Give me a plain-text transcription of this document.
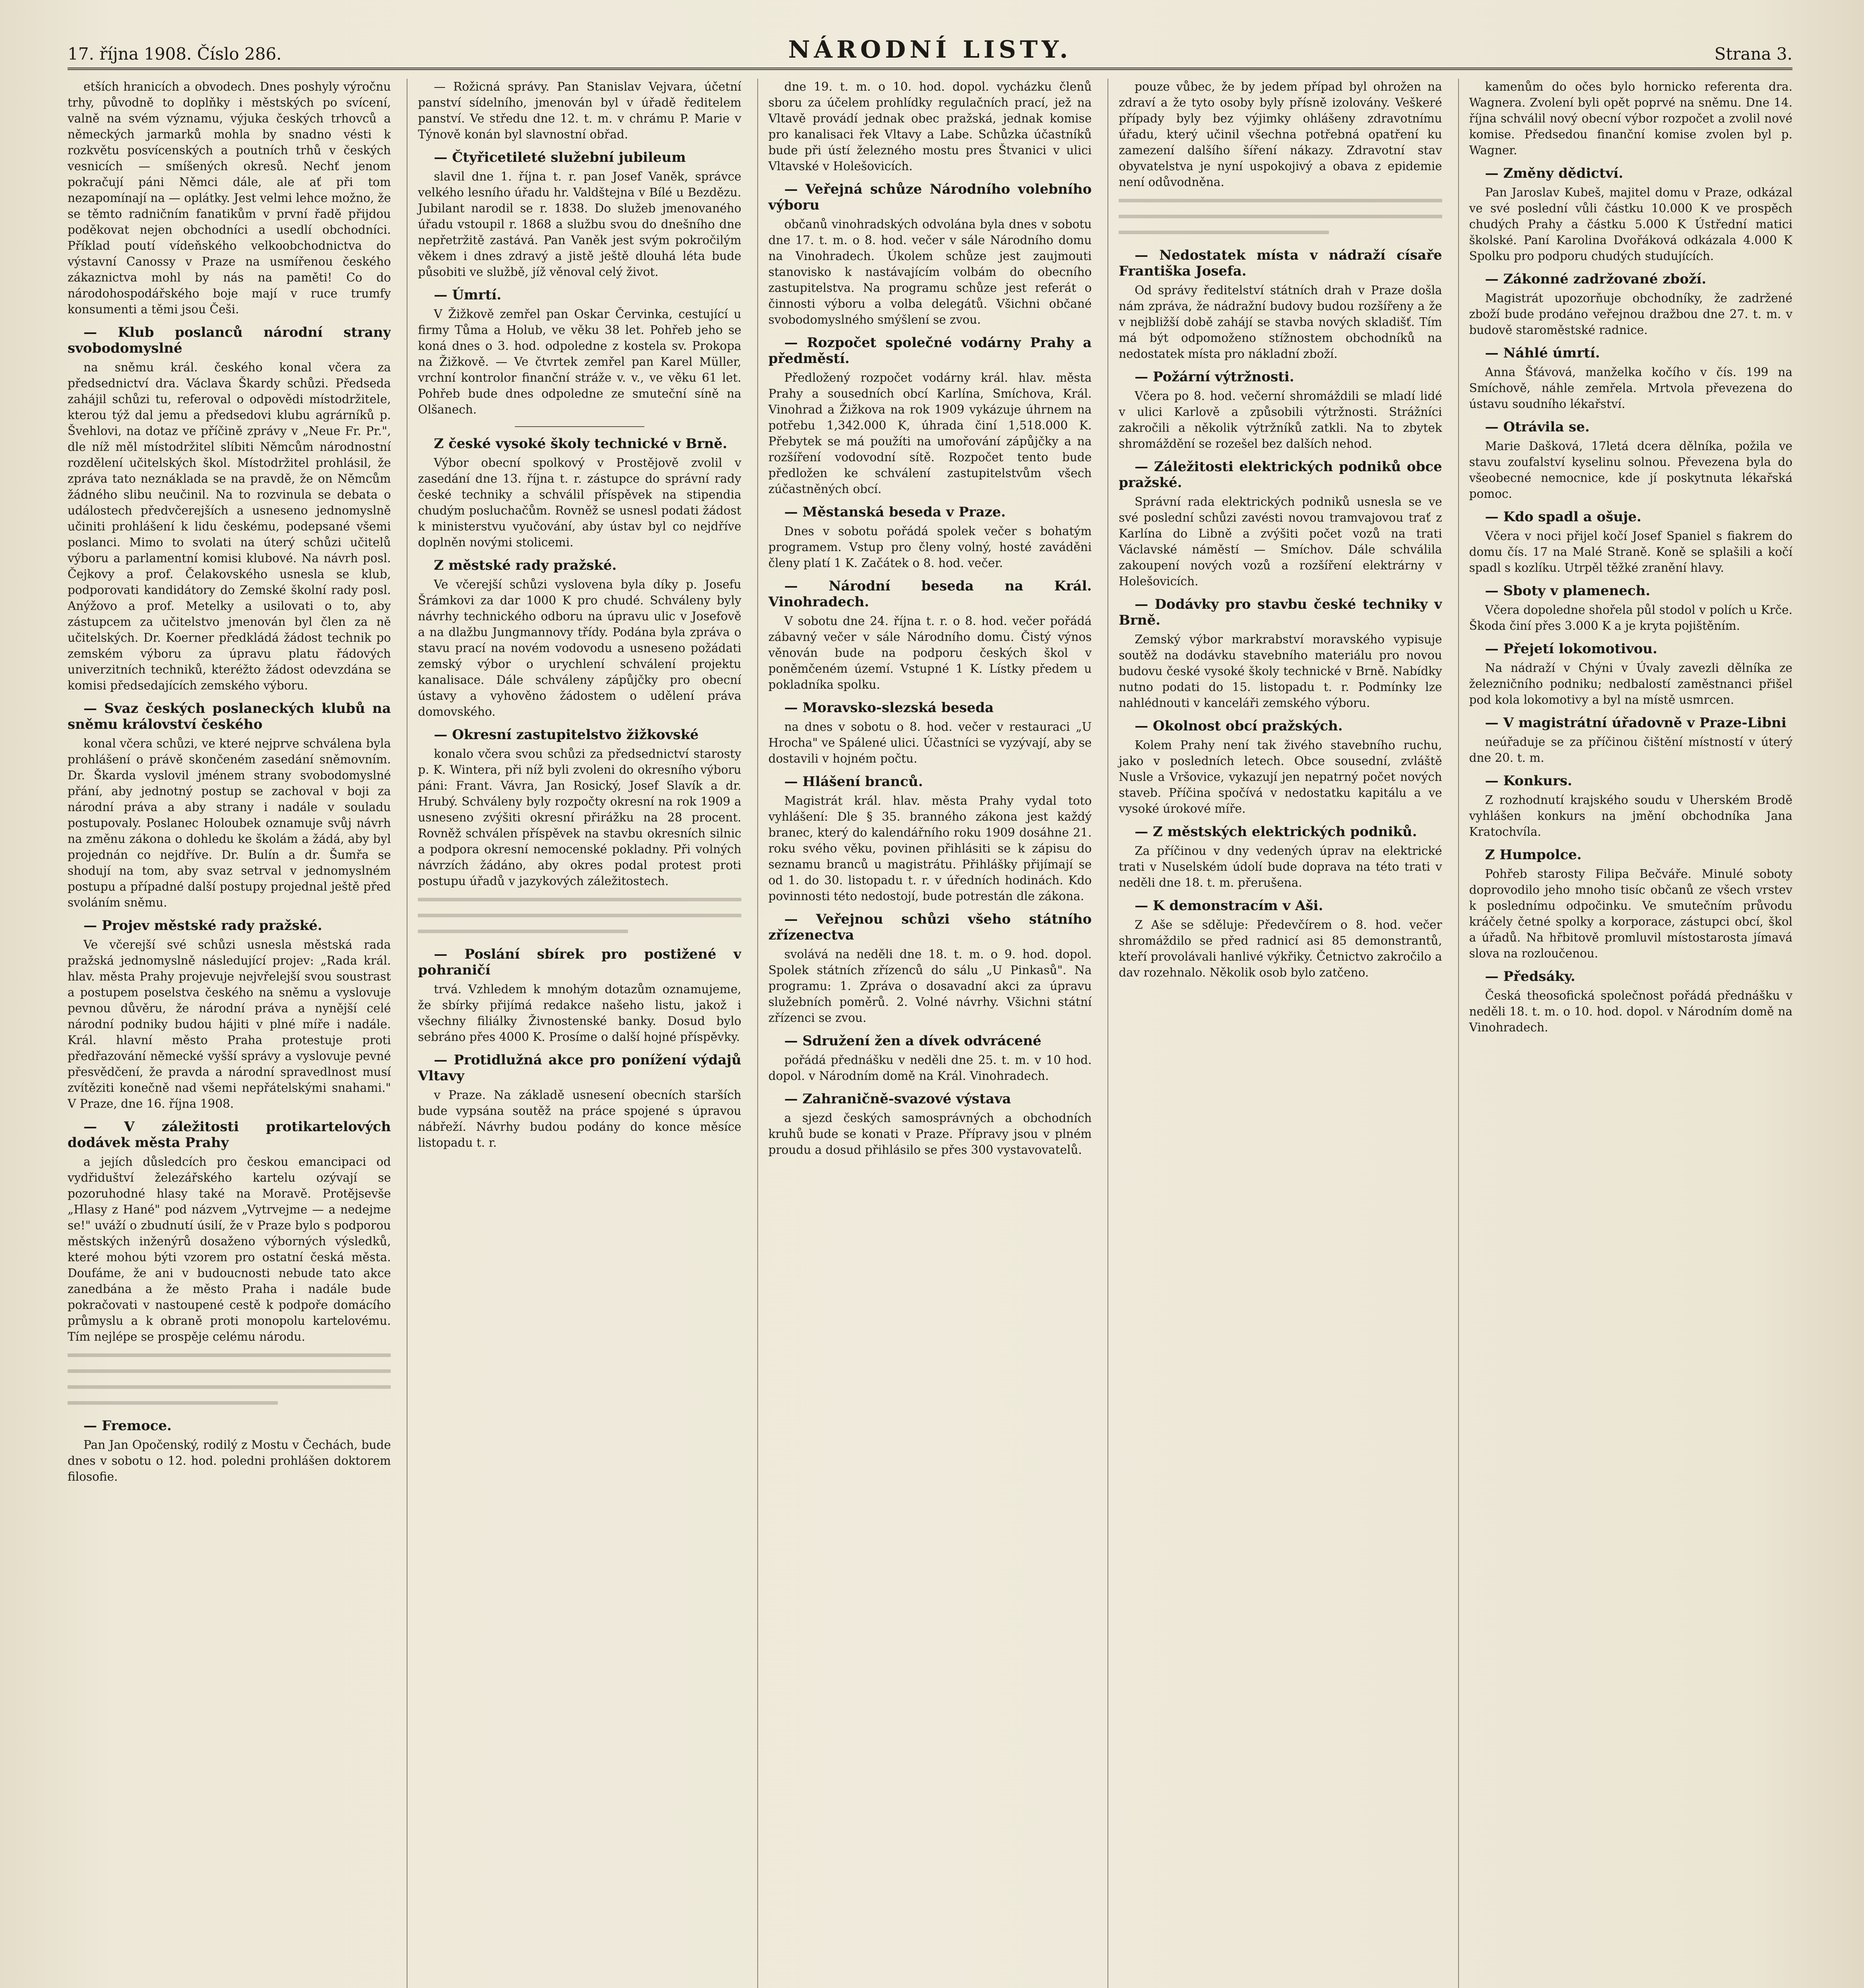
17. října 1908. Číslo 286.	NÁRODNÍ LISTY.	Strana 3.

etších hranicích a obvodech. Dnes poshyly výročnu trhy, původně to doplňky i městských po svícení, valně na svém významu, výjuka českých trhovců a německých jarmarků mohla by snadno vésti k rozkvětu posvícenských a poutních trhů v českých vesnicích — smíšených okresů. Nechť jenom pokračují páni Němci dále, ale ať při tom nezapomínají na — oplátky. Jest velmi lehce možno, že se těmto radničním fanatikům v první řadě přijdou poděkovat nejen obchodníci a usedlí obchodníci. Příklad poutí vídeňského velkoobchodnictva do výstavní Canossy v Praze na usmířenou českého zákaznictva mohl by nás na paměti! Co do národohospodářského boje mají v ruce trumfy konsumenti a těmi jsou Češi.

— Klub poslanců národní strany svobodomyslné

na sněmu král. českého konal včera za předsednictví dra. Václava Škardy schůzi. Předseda zahájil schůzi tu, referoval o odpovědi místodržitele, kterou týž dal jemu a předsedovi klubu agrárníků p. Švehlovi, na dotaz ve příčině zprávy v „Neue Fr. Pr.", dle níž měl místodržitel slíbiti Němcům národnostní rozdělení učitelských škol. Místodržitel prohlásil, že zpráva tato neznáklada se na pravdě, že on Němcům žádného slibu neučinil. Na to rozvinula se debata o událostech předvčerejších a usneseno jednomyslně učiniti prohlášení k lidu českému, podepsané všemi poslanci. Mimo to svolati na úterý schůzi učitelů výboru a parlamentní komisi klubové. Na návrh posl. Čejkovy a prof. Čelakovského usnesla se klub, podporovati kandidátory do Zemské školní rady posl. Anýžovo a prof. Metelky a usilovati o to, aby zástupcem za učitelstvo jmenován byl člen za ně učitelských. Dr. Koerner předkládá žádost technik po zemském výboru za úpravu platu řádových univerzitních techniků, kteréžto žádost odevzdána se komisi předsedajících zemského výboru.

— Svaz českých poslaneckých klubů na sněmu království českého

konal včera schůzi, ve které nejprve schválena byla prohlášení o právě skončeném zasedání sněmovním. Dr. Škarda vyslovil jménem strany svobodomyslné přání, aby jednotný postup se zachoval v boji za národní práva a aby strany i nadále v souladu postupovaly. Poslanec Holoubek oznamuje svůj návrh na změnu zákona o dohledu ke školám a žádá, aby byl projednán co nejdříve. Dr. Bulín a dr. Šumřa se shodují na tom, aby svaz setrval v jednomyslném postupu a případné další postupy projednal ještě před svoláním sněmu.

— Projev městské rady pražské.

Ve včerejší své schůzi usnesla městská rada pražská jednomyslně následující projev: „Rada král. hlav. města Prahy projevuje nejvřelejší svou soustrast a postupem poselstva českého na sněmu a vyslovuje pevnou důvěru, že národní práva a nynější celé národní podniky budou hájiti v plné míře i nadále. Král. hlavní město Praha protestuje proti předřazování německé vyšší správy a vyslovuje pevné přesvědčení, že pravda a národní spravedlnost musí zvítěziti konečně nad všemi nepřátelskými snahami." V Praze, dne 16. října 1908.

— V záležitosti protikartelových dodávek města Prahy

a jejích důsledcích pro českou emancipaci od vydřiduštví železářského kartelu ozývají se pozoruhodné hlasy také na Moravě. Protějsevše „Hlasy z Hané" pod názvem „Vytrvejme — a nedejme se!" uváží o zbudnutí úsilí, že v Praze bylo s podporou městských inženýrů dosaženo výborných výsledků, které mohou býti vzorem pro ostatní česká města. Doufáme, že ani v budoucnosti nebude tato akce zanedbána a že město Praha i nadále bude pokračovati v nastoupené cestě k podpoře domácího průmyslu a k obraně proti monopolu kartelovému. Tím nejlépe se prospěje celému národu.

— Fremoce.

Pan Jan Opočenský, rodilý z Mostu v Čechách, bude dnes v sobotu o 12. hod. poledni prohlášen doktorem filosofie.

— Rožicná správy. Pan Stanislav Vejvara, účetní panství sídelního, jmenován byl v úřadě ředitelem panství. Ve středu dne 12. t. m. v chrámu P. Marie v Týnově konán byl slavnostní obřad.

— Čtyřicetileté služební jubileum

slavil dne 1. října t. r. pan Josef Vaněk, správce velkého lesního úřadu hr. Valdštejna v Bílé u Bezdězu. Jubilant narodil se r. 1838. Do služeb jmenovaného úřadu vstoupil r. 1868 a službu svou do dnešního dne nepřetržitě zastává. Pan Vaněk jest svým pokročilým věkem i dnes zdravý a jistě ještě dlouhá léta bude působiti ve službě, jíž věnoval celý život.

— Úmrtí.

V Žižkově zemřel pan Oskar Červinka, cestující u firmy Tůma a Holub, ve věku 38 let. Pohřeb jeho se koná dnes o 3. hod. odpoledne z kostela sv. Prokopa na Žižkově. — Ve čtvrtek zemřel pan Karel Müller, vrchní kontrolor finanční stráže v. v., ve věku 61 let. Pohřeb bude dnes odpoledne ze smuteční síně na Olšanech.

Z české vysoké školy technické v Brně.

Výbor obecní spolkový v Prostějově zvolil v zasedání dne 13. října t. r. zástupce do správní rady české techniky a schválil příspěvek na stipendia chudým posluchačům. Rovněž se usnesl podati žádost k ministerstvu vyučování, aby ústav byl co nejdříve doplněn novými stolicemi.

Z městské rady pražské.

Ve včerejší schůzi vyslovena byla díky p. Josefu Šrámkovi za dar 1000 K pro chudé. Schváleny byly návrhy technického odboru na úpravu ulic v Josefově a na dlažbu Jungmannovy třídy. Podána byla zpráva o stavu prací na novém vodovodu a usneseno požádati zemský výbor o urychlení schválení projektu kanalisace. Dále schváleny zápůjčky pro obecní ústavy a vyhověno žádostem o udělení práva domovského.

— Okresní zastupitelstvo žižkovské

konalo včera svou schůzi za předsednictví starosty p. K. Wintera, při níž byli zvoleni do okresního výboru páni: Frant. Vávra, Jan Rosický, Josef Slavík a dr. Hrubý. Schváleny byly rozpočty okresní na rok 1909 a usneseno zvýšiti okresní přirážku na 28 procent. Rovněž schválen příspěvek na stavbu okresních silnic a podpora okresní nemocenské pokladny. Při volných návrzích žádáno, aby okres podal protest proti postupu úřadů v jazykových záležitostech.

— Poslání sbírek pro postižené v pohraničí

trvá. Vzhledem k mnohým dotazům oznamujeme, že sbírky přijímá redakce našeho listu, jakož i všechny filiálky Živnostenské banky. Dosud bylo sebráno přes 4000 K. Prosíme o další hojné příspěvky.

— Protidlužná akce pro ponížení výdajů Vltavy

v Praze. Na základě usnesení obecních starších bude vypsána soutěž na práce spojené s úpravou nábřeží. Návrhy budou podány do konce měsíce listopadu t. r.

dne 19. t. m. o 10. hod. dopol. vycházku členů sboru za účelem prohlídky regulačních prací, jež na Vltavě provádí jednak obec pražská, jednak komise pro kanalisaci řek Vltavy a Labe. Schůzka účastníků bude při ústí železného mostu pres Štvanici v ulici Vltavské v Holešovicích.

— Veřejná schůze Národního volebního výboru

občanů vinohradských odvolána byla dnes v sobotu dne 17. t. m. o 8. hod. večer v sále Národního domu na Vinohradech. Úkolem schůze jest zaujmouti stanovisko k nastávajícím volbám do obecního zastupitelstva. Na programu schůze jest referát o činnosti výboru a volba delegátů. Všichni občané svobodomyslného smýšlení se zvou.

— Rozpočet společné vodárny Prahy a předměstí.

Předložený rozpočet vodárny král. hlav. města Prahy a sousedních obcí Karlína, Smíchova, Král. Vinohrad a Žižkova na rok 1909 vykázuje úhrnem na potřebu 1,342.000 K, úhrada činí 1,518.000 K. Přebytek se má použíti na umořování zápůjčky a na rozšíření vodovodní sítě. Rozpočet tento bude předložen ke schválení zastupitelstvům všech zúčastněných obcí.

— Městanská beseda v Praze.

Dnes v sobotu pořádá spolek večer s bohatým programem. Vstup pro členy volný, hosté zaváděni členy platí 1 K. Začátek o 8. hod. večer.

— Národní beseda na Král. Vinohradech.

V sobotu dne 24. října t. r. o 8. hod. večer pořádá zábavný večer v sále Národního domu. Čistý výnos věnován bude na podporu českých škol v poněmčeném území. Vstupné 1 K. Lístky předem u pokladníka spolku.

— Moravsko-slezská beseda

na dnes v sobotu o 8. hod. večer v restauraci „U Hrocha" ve Spálené ulici. Účastníci se vyzývají, aby se dostavili v hojném počtu.

— Hlášení branců.

Magistrát král. hlav. města Prahy vydal toto vyhlášení: Dle § 35. branného zákona jest každý branec, který do kalendářního roku 1909 dosáhne 21. roku svého věku, povinen přihlásiti se k zápisu do seznamu branců u magistrátu. Přihlášky přijímají se od 1. do 30. listopadu t. r. v úředních hodinách. Kdo povinnosti této nedostojí, bude potrestán dle zákona.

— Veřejnou schůzi všeho státního zřízenectva

svolává na neděli dne 18. t. m. o 9. hod. dopol. Spolek státních zřízenců do sálu „U Pinkasů". Na programu: 1. Zpráva o dosavadní akci za úpravu služebních poměrů. 2. Volné návrhy. Všichni státní zřízenci se zvou.

— Sdružení žen a dívek odvrácené

pořádá přednášku v neděli dne 25. t. m. v 10 hod. dopol. v Národním domě na Král. Vinohradech.

— Zahraničně-svazové výstava

a sjezd českých samosprávných a obchodních kruhů bude se konati v Praze. Přípravy jsou v plném proudu a dosud přihlásilo se přes 300 vystavovatelů.

pouze vůbec, že by jedem případ byl ohrožen na zdraví a že tyto osoby byly přísně izolovány. Veškeré případy byly bez výjimky ohlášeny zdravotnímu úřadu, který učinil všechna potřebná opatření ku zamezení dalšího šíření nákazy. Zdravotní stav obyvatelstva je nyní uspokojivý a obava z epidemie není odůvodněna.

— Nedostatek místa v nádraží císaře Františka Josefa.

Od správy ředitelství státních drah v Praze došla nám zpráva, že nádražní budovy budou rozšířeny a že v nejbližší době zahájí se stavba nových skladišť. Tím má být odpomoženo stížnostem obchodníků na nedostatek místa pro nákladní zboží.

— Požární výtržnosti.

Včera po 8. hod. večerní shromáždili se mladí lidé v ulici Karlově a způsobili výtržnosti. Strážníci zakročili a několik výtržníků zatkli. Na to zbytek shromáždění se rozešel bez dalších nehod.

— Záležitosti elektrických podniků obce pražské.

Správní rada elektrických podniků usnesla se ve své poslední schůzi zavésti novou tramvajovou trať z Karlína do Libně a zvýšiti počet vozů na trati Václavské náměstí — Smíchov. Dále schválila zakoupení nových vozů a rozšíření elektrárny v Holešovicích.

— Dodávky pro stavbu české techniky v Brně.

Zemský výbor markrabství moravského vypisuje soutěž na dodávku stavebního materiálu pro novou budovu české vysoké školy technické v Brně. Nabídky nutno podati do 15. listopadu t. r. Podmínky lze nahlédnouti v kanceláři zemského výboru.

— Okolnost obcí pražských.

Kolem Prahy není tak živého stavebního ruchu, jako v posledních letech. Obce sousední, zvláště Nusle a Vršovice, vykazují jen nepatrný počet nových staveb. Příčina spočívá v nedostatku kapitálu a ve vysoké úrokové míře.

— Z městských elektrických podniků.

Za příčinou v dny vedených úprav na elektrické trati v Nuselském údolí bude doprava na této trati v neděli dne 18. t. m. přerušena.

— K demonstracím v Aši.

Z Aše se sděluje: Předevčírem o 8. hod. večer shromáždilo se před radnicí asi 85 demonstrantů, kteří provolávali hanlivé výkřiky. Četnictvo zakročilo a dav rozehnalo. Několik osob bylo zatčeno.

kamenům do očes bylo hornicko referenta dra. Wagnera. Zvolení byli opět poprvé na sněmu. Dne 14. října schválil nový obecní výbor rozpočet a zvolil nové komise. Předsedou finanční komise zvolen byl p. Wagner.

— Změny dědictví.

Pan Jaroslav Kubeš, majitel domu v Praze, odkázal ve své poslední vůli částku 10.000 K ve prospěch chudých Prahy a částku 5.000 K Ústřední matici školské. Paní Karolina Dvořáková odkázala 4.000 K Spolku pro podporu chudých studujících.

— Zákonné zadržované zboží.

Magistrát upozorňuje obchodníky, že zadržené zboží bude prodáno veřejnou dražbou dne 27. t. m. v budově staroměstské radnice.

— Náhlé úmrtí.

Anna Šťávová, manželka kočího v čís. 199 na Smíchově, náhle zemřela. Mrtvola převezena do ústavu soudního lékařství.

— Otrávila se.

Marie Dašková, 17letá dcera dělníka, požila ve stavu zoufalství kyselinu solnou. Převezena byla do všeobecné nemocnice, kde jí poskytnuta lékařská pomoc.

— Kdo spadl a ošuje.

Včera v noci přijel kočí Josef Spaniel s fiakrem do domu čís. 17 na Malé Straně. Koně se splašili a kočí spadl s kozlíku. Utrpěl těžké zranění hlavy.

— Sboty v plamenech.

Včera dopoledne shořela půl stodol v polích u Krče. Škoda činí přes 3.000 K a je kryta pojištěním.

— Přejetí lokomotivou.

Na nádraží v Chýni v Úvaly zavezli dělníka ze železničního podniku; nedbalostí zaměstnanci přišel pod kola lokomotivy a byl na místě usmrcen.

— V magistrátní úřadovně v Praze-Libni

neúřaduje se za příčinou čištění místností v úterý dne 20. t. m.

— Konkurs.

Z rozhodnutí krajského soudu v Uherském Brodě vyhlášen konkurs na jmění obchodníka Jana Kratochvíla.

Z Humpolce.

Pohřeb starosty Filipa Bečváře. Minulé soboty doprovodilo jeho mnoho tisíc občanů ze všech vrstev k poslednímu odpočinku. Ve smutečním průvodu kráčely četné spolky a korporace, zástupci obcí, škol a úřadů. Na hřbitově promluvil místostarosta jímavá slova na rozloučenou.

— Předsáky.

Česká theosofická společnost pořádá přednášku v neděli 18. t. m. o 10. hod. dopol. v Národním domě na Vinohradech.
